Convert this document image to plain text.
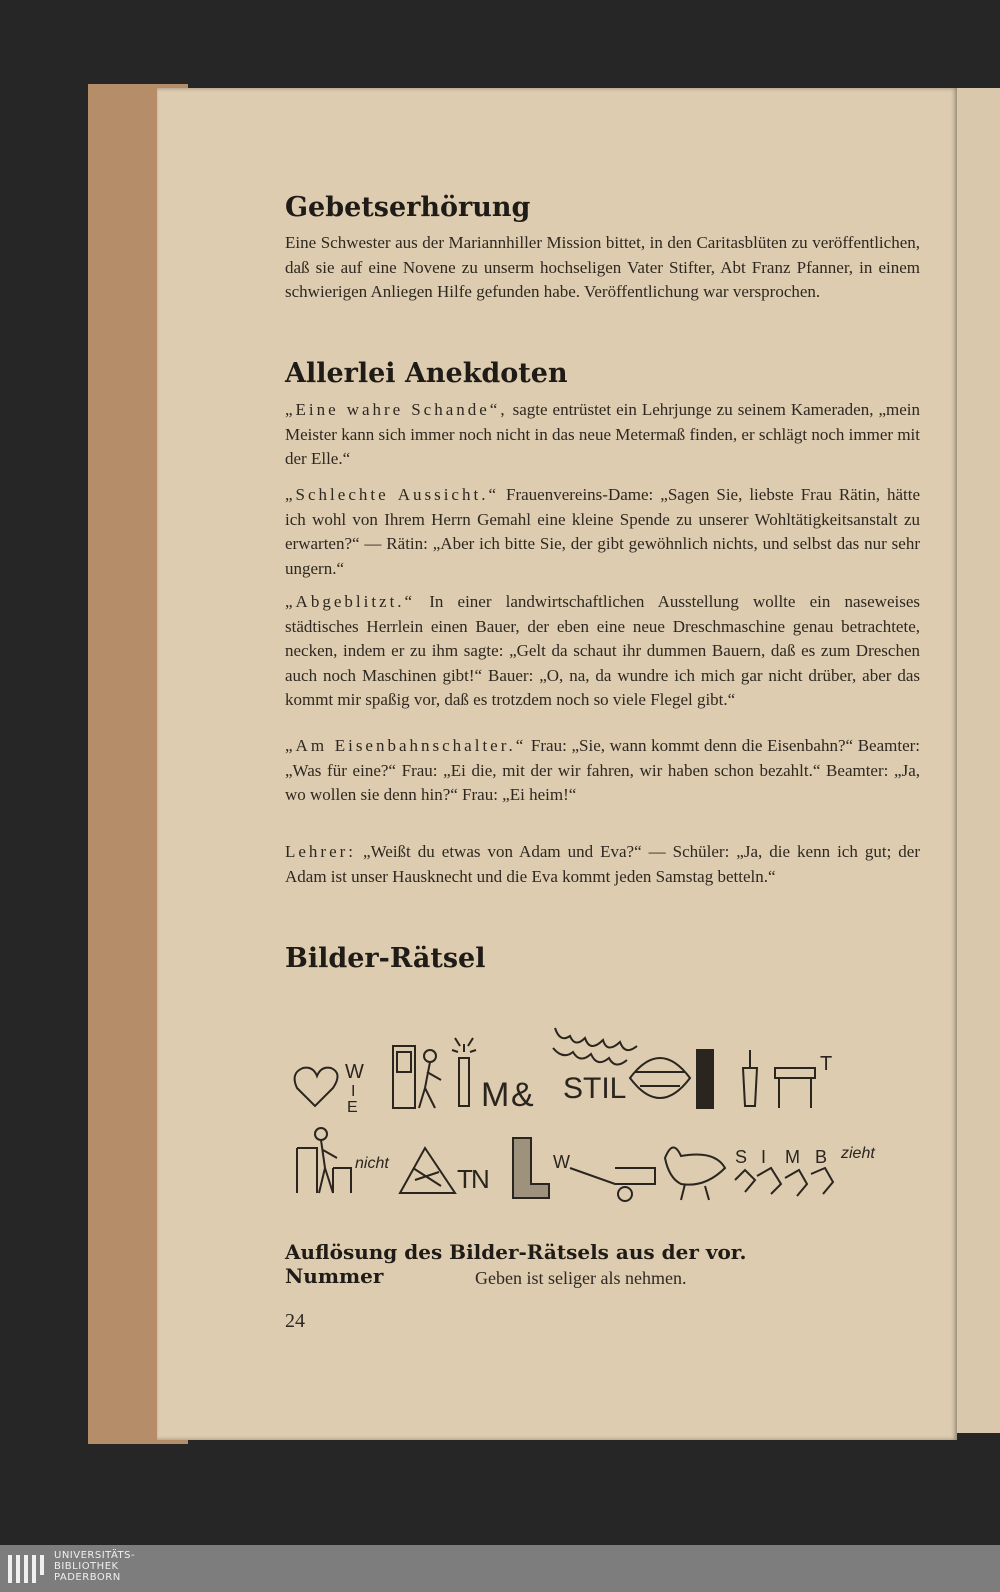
Gebetserhörung
Eine Schwester aus der Mariannhiller Mission bittet, in den Caritasblüten zu veröffentlichen, daß sie auf eine Novene zu unserm hochseligen Vater Stifter, Abt Franz Pfanner, in einem schwierigen Anliegen Hilfe gefunden habe. Veröffentlichung war versprochen.
Allerlei Anekdoten
„Eine wahre Schande“, sagte entrüstet ein Lehrjunge zu seinem Kameraden, „mein Meister kann sich immer noch nicht in das neue Metermaß finden, er schlägt noch immer mit der Elle.“
„Schlechte Aussicht.“ Frauenvereins-Dame: „Sagen Sie, liebste Frau Rätin, hätte ich wohl von Ihrem Herrn Gemahl eine kleine Spende zu unserer Wohltätigkeitsanstalt zu erwarten?“ — Rätin: „Aber ich bitte Sie, der gibt gewöhnlich nichts, und selbst das nur sehr ungern.“
„Abgeblitzt.“ In einer landwirtschaftlichen Ausstellung wollte ein naseweises städtisches Herrlein einen Bauer, der eben eine neue Dreschmaschine genau betrachtete, necken, indem er zu ihm sagte: „Gelt da schaut ihr dummen Bauern, daß es zum Dreschen auch noch Maschinen gibt!“ Bauer: „O, na, da wundre ich mich gar nicht drüber, aber das kommt mir spaßig vor, daß es trotzdem noch so viele Flegel gibt.“
„Am Eisenbahnschalter.“ Frau: „Sie, wann kommt denn die Eisenbahn?“ Beamter: „Was für eine?“ Frau: „Ei die, mit der wir fahren, wir haben schon bezahlt.“ Beamter: „Ja, wo wollen sie denn hin?“ Frau: „Ei heim!“
Lehrer: „Weißt du etwas von Adam und Eva?“ — Schüler: „Ja, die kenn ich gut; der Adam ist unser Hausknecht und die Eva kommt jeden Samstag betteln.“
Bilder-Rätsel
W
I
E	M & STIL
T
nicht
T
N
W	S I M B zieht
Auflösung des Bilder-Rätsels aus der vor. Nummer	Geben ist seliger als nehmen.
24
UNIVERSITÄTS-
BIBLIOTHEK
PADERBORN
